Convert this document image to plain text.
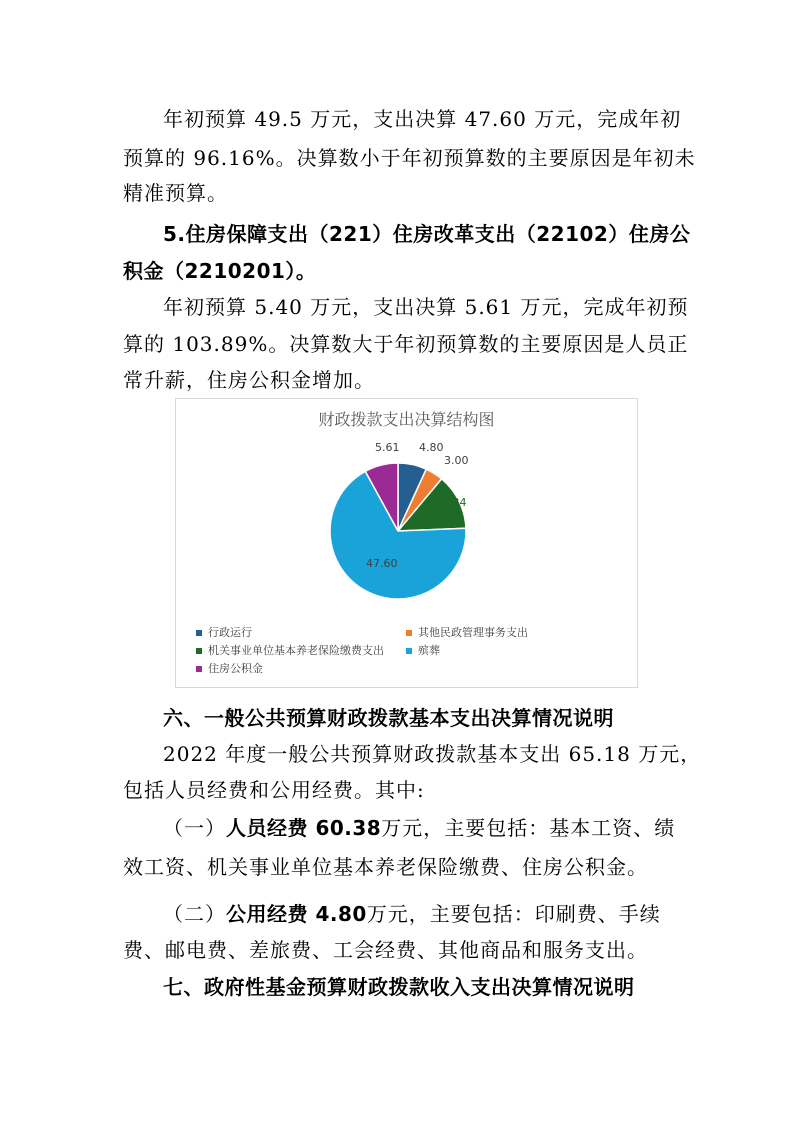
年初预算 49.5 万元，支出决算 47.60 万元，完成年初
预算的 96.16%。决算数小于年初预算数的主要原因是年初未
精准预算。
5.住房保障支出（221）住房改革支出（22102）住房公
积金（2210201）。
年初预算 5.40 万元，支出决算 5.61 万元，完成年初预
算的 103.89%。决算数大于年初预算数的主要原因是人员正
常升薪，住房公积金增加。
财政拨款支出决算结构图
4.80
3.00
9.34
47.60
5.61
行政运行	其他民政管理事务支出
机关事业单位基本养老保险缴费支出	殡葬
住房公积金
六、一般公共预算财政拨款基本支出决算情况说明
2022 年度一般公共预算财政拨款基本支出 65.18 万元，
包括人员经费和公用经费。其中:
（一）人员经费 60.38万元，主要包括：基本工资、绩
效工资、机关事业单位基本养老保险缴费、住房公积金。
（二）公用经费 4.80万元，主要包括：印刷费、手续
费、邮电费、差旅费、工会经费、其他商品和服务支出。
七、政府性基金预算财政拨款收入支出决算情况说明
